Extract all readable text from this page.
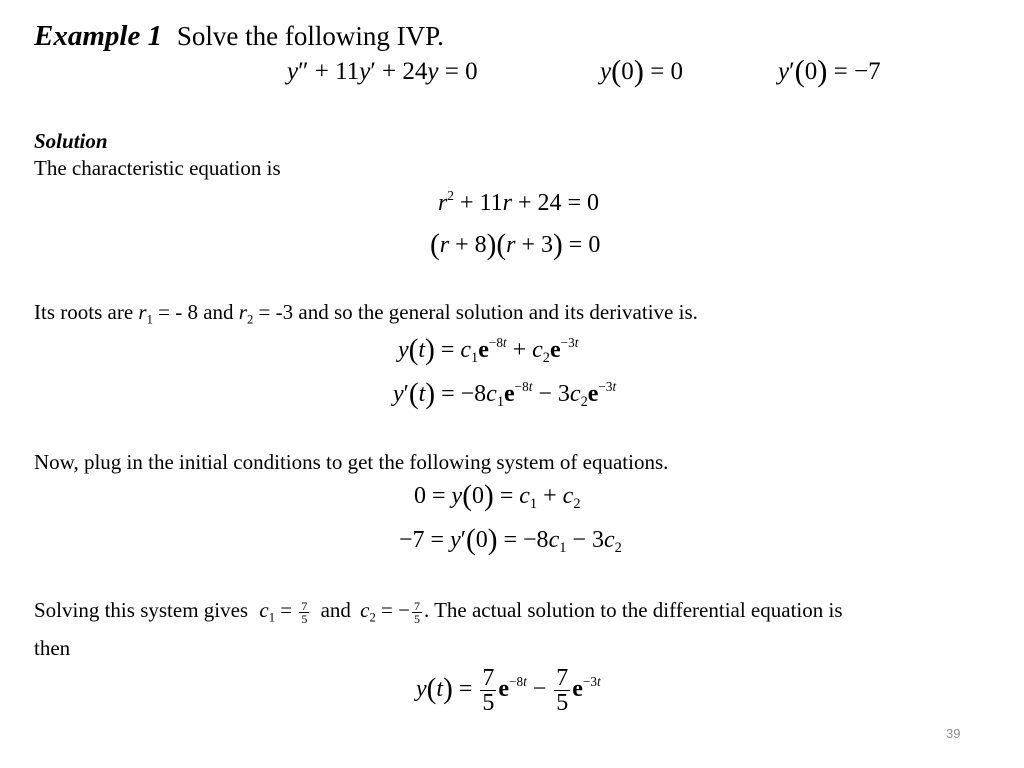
Example 1 Solve the following IVP.
y″ + 11y′ + 24y = 0	y(0) = 0	y′(0) = −7
Solution
The characteristic equation is
$r^2 + 11r + 24 = 0$
(r + 8)(r + 3) = 0
Its roots are $r_1$ = - 8 and $r_2 = -3$ and so the general solution and its derivative is.
$y(t) = c_1e^{-8t} + c_2e^{-3t}$
$y'(t) = -8c_1e^{-8t} - 3c_2e^{-3t}$
Now, plug in the initial conditions to get the following system of equations.
$0 = y(0) = c_1 + c_2$
$-7 = y'(0) = -8c_1 - 3c_2$
Solving this system gives $c_1 = \frac{7}{5}$ and $c_2$ = − $\frac{7}{5}$ . The actual solution to the differential equation is
then
$y(t) = \frac{7}{5} e^{-8t} - \frac{7}{5} e^{-3t}$
39
